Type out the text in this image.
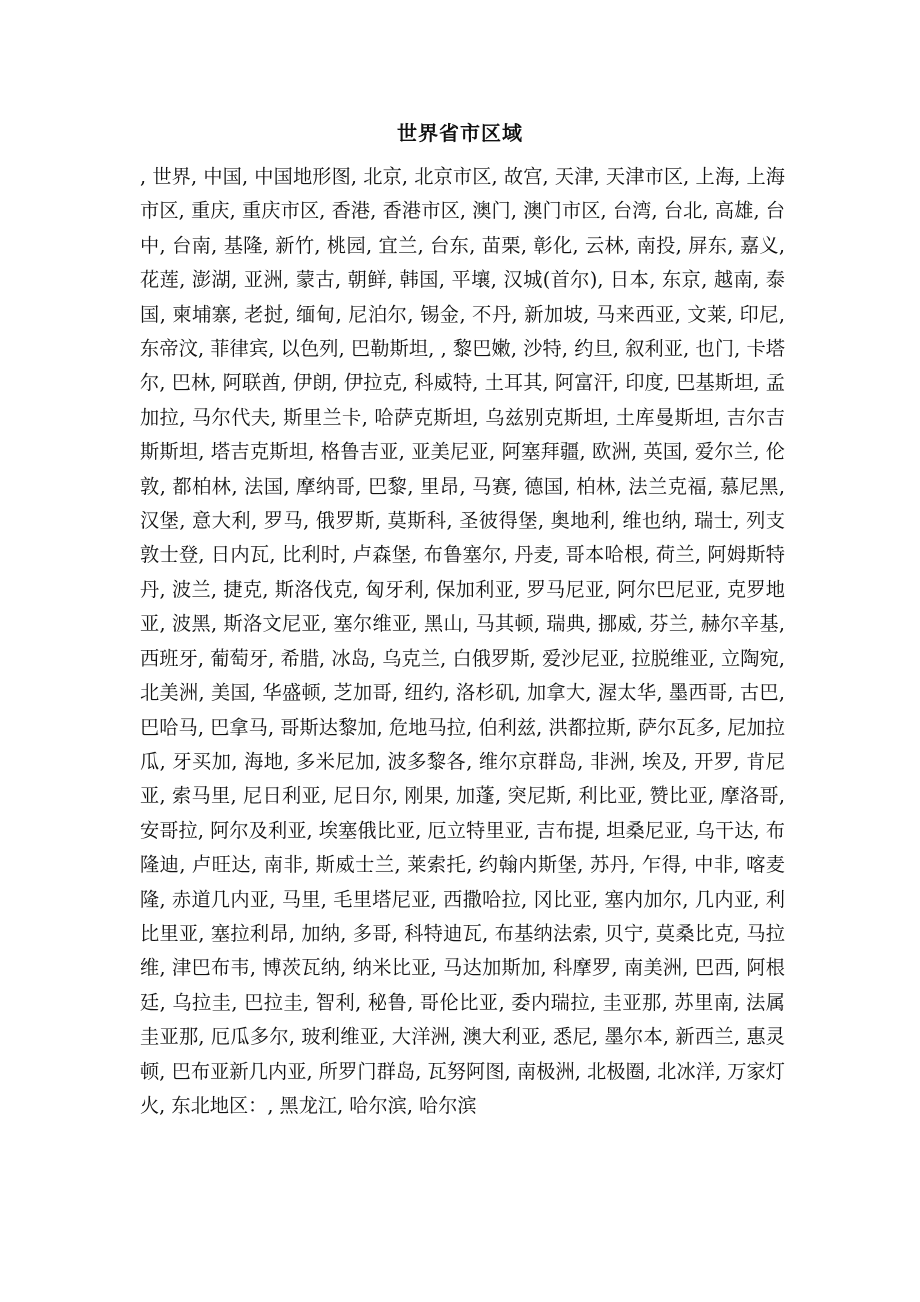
世界省市区域

, 世界, 中国, 中国地形图, 北京, 北京市区, 故宫, 天津, 天津市区, 上海, 上海市区, 重庆, 重庆市区, 香港, 香港市区, 澳门, 澳门市区, 台湾, 台北, 高雄, 台中, 台南, 基隆, 新竹, 桃园, 宜兰, 台东, 苗栗, 彰化, 云林, 南投, 屏东, 嘉义, 花莲, 澎湖, 亚洲, 蒙古, 朝鲜, 韩国, 平壤, 汉城(首尔), 日本, 东京, 越南, 泰国, 柬埔寨, 老挝, 缅甸, 尼泊尔, 锡金, 不丹, 新加坡, 马来西亚, 文莱, 印尼, 东帝汶, 菲律宾, 以色列, 巴勒斯坦, , 黎巴嫩, 沙特, 约旦, 叙利亚, 也门, 卡塔尔, 巴林, 阿联酋, 伊朗, 伊拉克, 科威特, 土耳其, 阿富汗, 印度, 巴基斯坦, 孟加拉, 马尔代夫, 斯里兰卡, 哈萨克斯坦, 乌兹别克斯坦, 土库曼斯坦, 吉尔吉斯斯坦, 塔吉克斯坦, 格鲁吉亚, 亚美尼亚, 阿塞拜疆, 欧洲, 英国, 爱尔兰, 伦敦, 都柏林, 法国, 摩纳哥, 巴黎, 里昂, 马赛, 德国, 柏林, 法兰克福, 慕尼黑, 汉堡, 意大利, 罗马, 俄罗斯, 莫斯科, 圣彼得堡, 奥地利, 维也纳, 瑞士, 列支敦士登, 日内瓦, 比利时, 卢森堡, 布鲁塞尔, 丹麦, 哥本哈根, 荷兰, 阿姆斯特丹, 波兰, 捷克, 斯洛伐克, 匈牙利, 保加利亚, 罗马尼亚, 阿尔巴尼亚, 克罗地亚, 波黑, 斯洛文尼亚, 塞尔维亚, 黑山, 马其顿, 瑞典, 挪威, 芬兰, 赫尔辛基, 西班牙, 葡萄牙, 希腊, 冰岛, 乌克兰, 白俄罗斯, 爱沙尼亚, 拉脱维亚, 立陶宛, 北美洲, 美国, 华盛顿, 芝加哥, 纽约, 洛杉矶, 加拿大, 渥太华, 墨西哥, 古巴, 巴哈马, 巴拿马, 哥斯达黎加, 危地马拉, 伯利兹, 洪都拉斯, 萨尔瓦多, 尼加拉瓜, 牙买加, 海地, 多米尼加, 波多黎各, 维尔京群岛, 非洲, 埃及, 开罗, 肯尼亚, 索马里, 尼日利亚, 尼日尔, 刚果, 加蓬, 突尼斯, 利比亚, 赞比亚, 摩洛哥, 安哥拉, 阿尔及利亚, 埃塞俄比亚, 厄立特里亚, 吉布提, 坦桑尼亚, 乌干达, 布隆迪, 卢旺达, 南非, 斯威士兰, 莱索托, 约翰内斯堡, 苏丹, 乍得, 中非, 喀麦隆, 赤道几内亚, 马里, 毛里塔尼亚, 西撒哈拉, 冈比亚, 塞内加尔, 几内亚, 利比里亚, 塞拉利昂, 加纳, 多哥, 科特迪瓦, 布基纳法索, 贝宁, 莫桑比克, 马拉维, 津巴布韦, 博茨瓦纳, 纳米比亚, 马达加斯加, 科摩罗, 南美洲, 巴西, 阿根廷, 乌拉圭, 巴拉圭, 智利, 秘鲁, 哥伦比亚, 委内瑞拉, 圭亚那, 苏里南, 法属圭亚那, 厄瓜多尔, 玻利维亚, 大洋洲, 澳大利亚, 悉尼, 墨尔本, 新西兰, 惠灵顿, 巴布亚新几内亚, 所罗门群岛, 瓦努阿图, 南极洲, 北极圈, 北冰洋, 万家灯火, 东北地区：, 黑龙江, 哈尔滨, 哈尔滨
